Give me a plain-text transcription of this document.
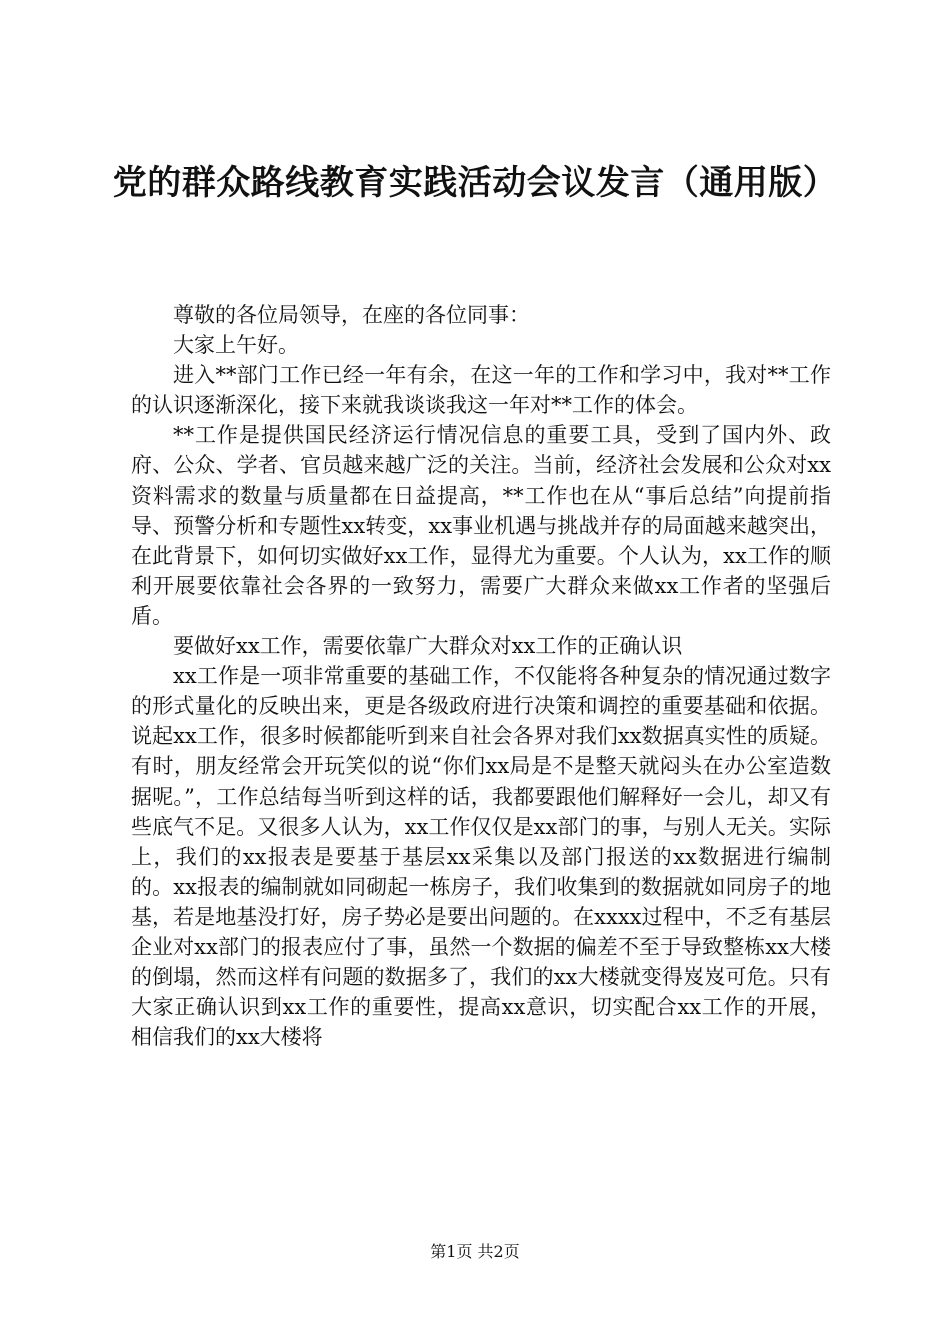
党的群众路线教育实践活动会议发言（通用版）

尊敬的各位局领导，在座的各位同事：

大家上午好。

进入**部门工作已经一年有余，在这一年的工作和学习中，我对**工作的认识逐渐深化，接下来就我谈谈我这一年对**工作的体会。

**工作是提供国民经济运行情况信息的重要工具，受到了国内外、政府、公众、学者、官员越来越广泛的关注。当前，经济社会发展和公众对xx资料需求的数量与质量都在日益提高，**工作也在从“事后总结”向提前指导、预警分析和专题性xx转变，xx事业机遇与挑战并存的局面越来越突出，在此背景下，如何切实做好xx工作，显得尤为重要。个人认为，xx工作的顺利开展要依靠社会各界的一致努力，需要广大群众来做xx工作者的坚强后盾。

要做好xx工作，需要依靠广大群众对xx工作的正确认识

xx工作是一项非常重要的基础工作，不仅能将各种复杂的情况通过数字的形式量化的反映出来，更是各级政府进行决策和调控的重要基础和依据。说起xx工作，很多时候都能听到来自社会各界对我们xx数据真实性的质疑。有时，朋友经常会开玩笑似的说“你们xx局是不是整天就闷头在办公室造数据呢。”，工作总结每当听到这样的话，我都要跟他们解释好一会儿，却又有些底气不足。又很多人认为，xx工作仅仅是xx部门的事，与别人无关。实际上，我们的xx报表是要基于基层xx采集以及部门报送的xx数据进行编制的。xx报表的编制就如同砌起一栋房子，我们收集到的数据就如同房子的地基，若是地基没打好，房子势必是要出问题的。在xxxx过程中，不乏有基层企业对xx部门的报表应付了事，虽然一个数据的偏差不至于导致整栋xx大楼的倒塌，然而这样有问题的数据多了，我们的xx大楼就变得岌岌可危。只有大家正确认识到xx工作的重要性，提高xx意识，切实配合xx工作的开展，相信我们的xx大楼将

第1页 共2页
